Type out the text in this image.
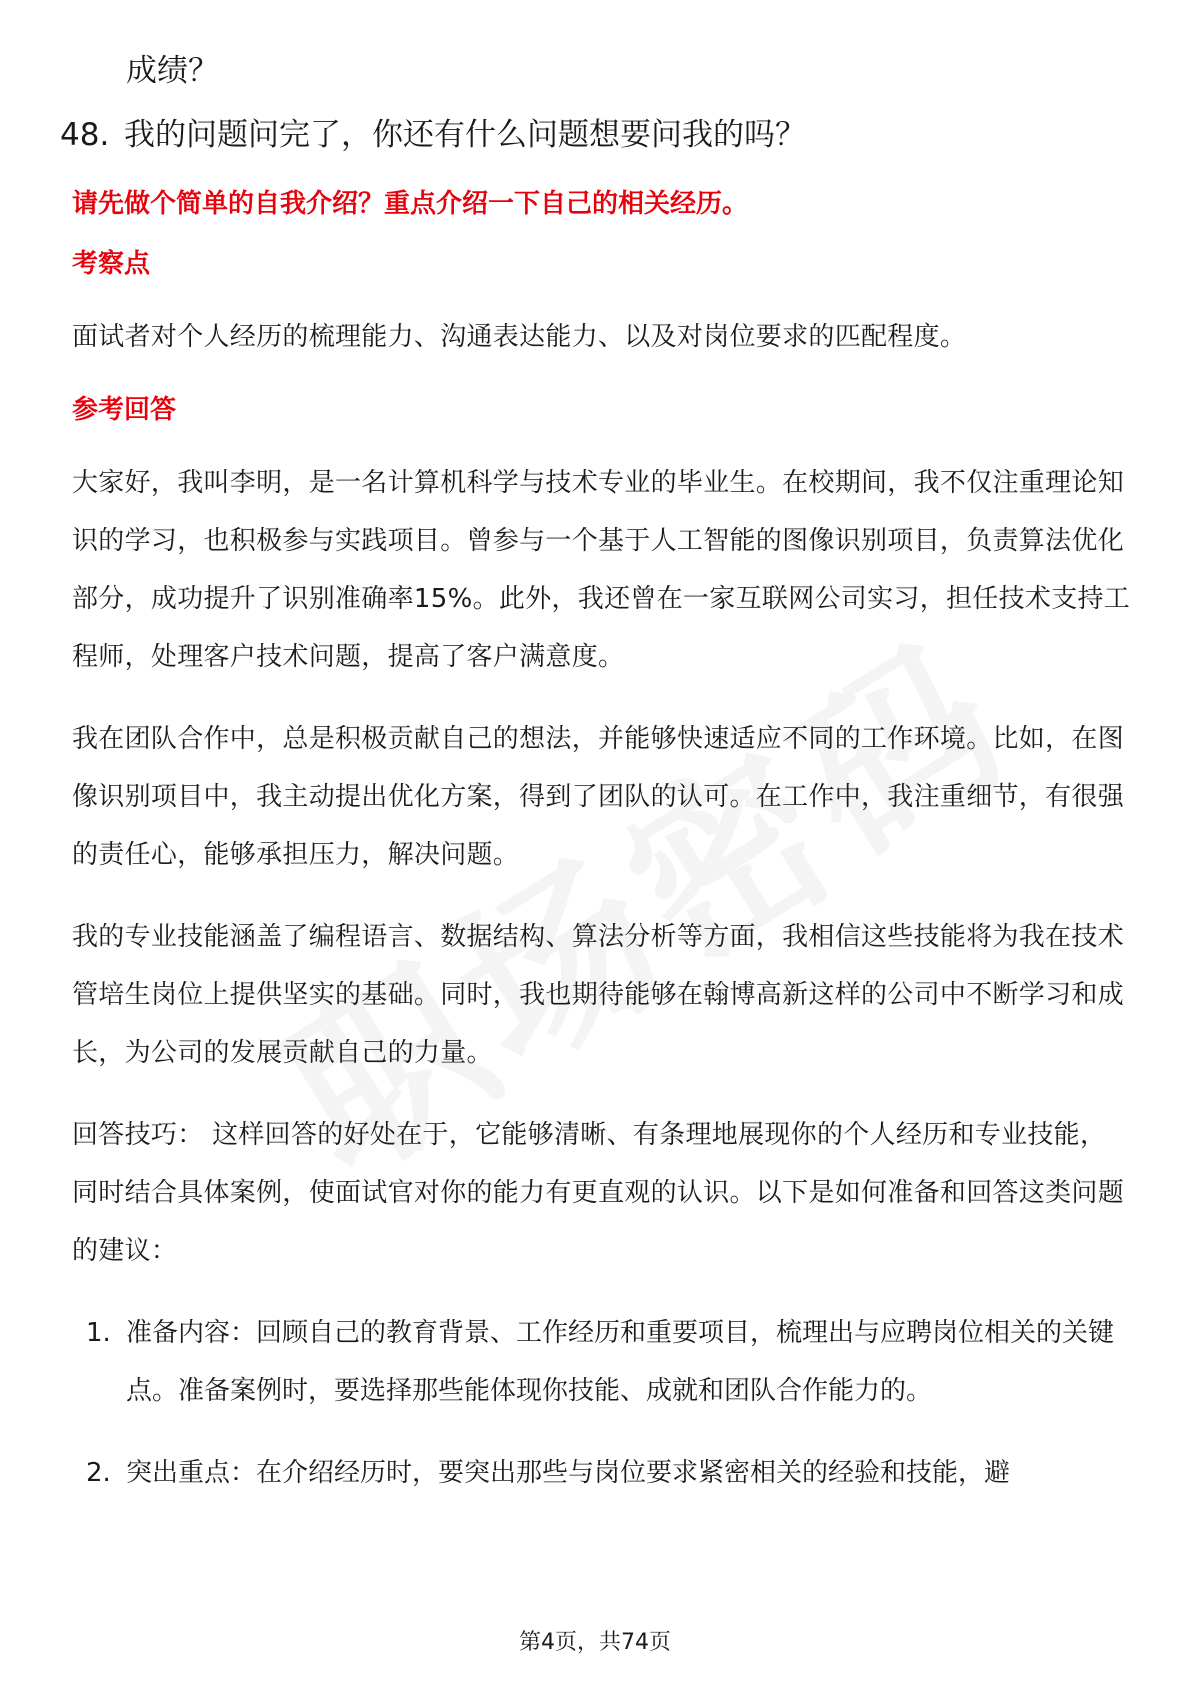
成绩？
48. 我的问题问完了，你还有什么问题想要问我的吗？

请先做个简单的自我介绍？重点介绍一下自己的相关经历。

考察点

面试者对个人经历的梳理能力、沟通表达能力、以及对岗位要求的匹配程度。

参考回答

大家好，我叫李明，是一名计算机科学与技术专业的毕业生。在校期间，我不仅注重理论知识的学习，也积极参与实践项目。曾参与一个基于人工智能的图像识别项目，负责算法优化部分，成功提升了识别准确率15%。此外，我还曾在一家互联网公司实习，担任技术支持工程师，处理客户技术问题，提高了客户满意度。

我在团队合作中，总是积极贡献自己的想法，并能够快速适应不同的工作环境。比如，在图像识别项目中，我主动提出优化方案，得到了团队的认可。在工作中，我注重细节，有很强的责任心，能够承担压力，解决问题。

我的专业技能涵盖了编程语言、数据结构、算法分析等方面，我相信这些技能将为我在技术管培生岗位上提供坚实的基础。同时，我也期待能够在翰博高新这样的公司中不断学习和成长，为公司的发展贡献自己的力量。

回答技巧： 这样回答的好处在于，它能够清晰、有条理地展现你的个人经历和专业技能，同时结合具体案例，使面试官对你的能力有更直观的认识。以下是如何准备和回答这类问题的建议：

1. 准备内容：回顾自己的教育背景、工作经历和重要项目，梳理出与应聘岗位相关的关键点。准备案例时，要选择那些能体现你技能、成就和团队合作能力的。
2. 突出重点：在介绍经历时，要突出那些与岗位要求紧密相关的经验和技能，避
第4页，共74页
